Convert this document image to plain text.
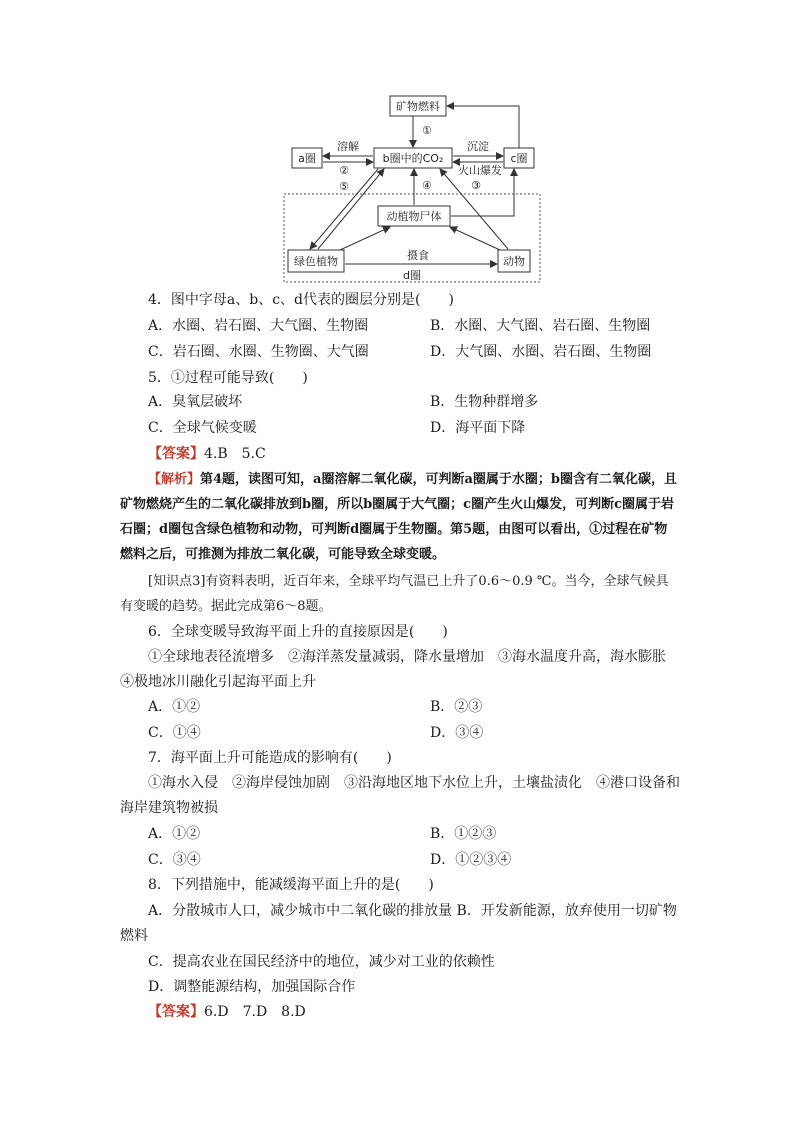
矿物燃料
a圈	b圈中的CO₂	c圈
动植物尸体
绿色植物	动物
溶解
②
⑤
①
沉淀
火山爆发
③
④
摄食
d圈
4．图中字母a、b、c、d代表的圈层分别是(　　)
A．水圈、岩石圈、大气圈、生物圈	B．水圈、大气圈、岩石圈、生物圈
C．岩石圈、水圈、生物圈、大气圈	D．大气圈、水圈、岩石圈、生物圈
5．①过程可能导致(　　)
A．臭氧层破坏	B．生物种群增多
C．全球气候变暖	D．海平面下降
【答案】4.B　5.C
【解析】第4题，读图可知，a圈溶解二氧化碳，可判断a圈属于水圈；b圈含有二氧化碳，且矿物燃烧产生的二氧化碳排放到b圈，所以b圈属于大气圈；c圈产生火山爆发，可判断c圈属于岩石圈；d圈包含绿色植物和动物，可判断d圈属于生物圈。第5题，由图可以看出，①过程在矿物燃料之后，可推测为排放二氧化碳，可能导致全球变暖。
[知识点3]有资料表明，近百年来，全球平均气温已上升了0.6～0.9 ℃。当今，全球气候具有变暖的趋势。据此完成第6～8题。
6．全球变暖导致海平面上升的直接原因是(　　)
①全球地表径流增多　②海洋蒸发量减弱，降水量增加　③海水温度升高，海水膨胀
④极地冰川融化引起海平面上升
A．①②	B．②③
C．①④	D．③④
7．海平面上升可能造成的影响有(　　)
①海水入侵　②海岸侵蚀加剧　③沿海地区地下水位上升，土壤盐渍化　④港口设备和
海岸建筑物被损
A．①②	B．①②③
C．③④	D．①②③④
8．下列措施中，能减缓海平面上升的是(　　)
A．分散城市人口，减少城市中二氧化碳的排放量 B．开发新能源，放弃使用一切矿物
燃料
C．提高农业在国民经济中的地位，减少对工业的依赖性
D．调整能源结构，加强国际合作
【答案】6.D　7.D　8.D
